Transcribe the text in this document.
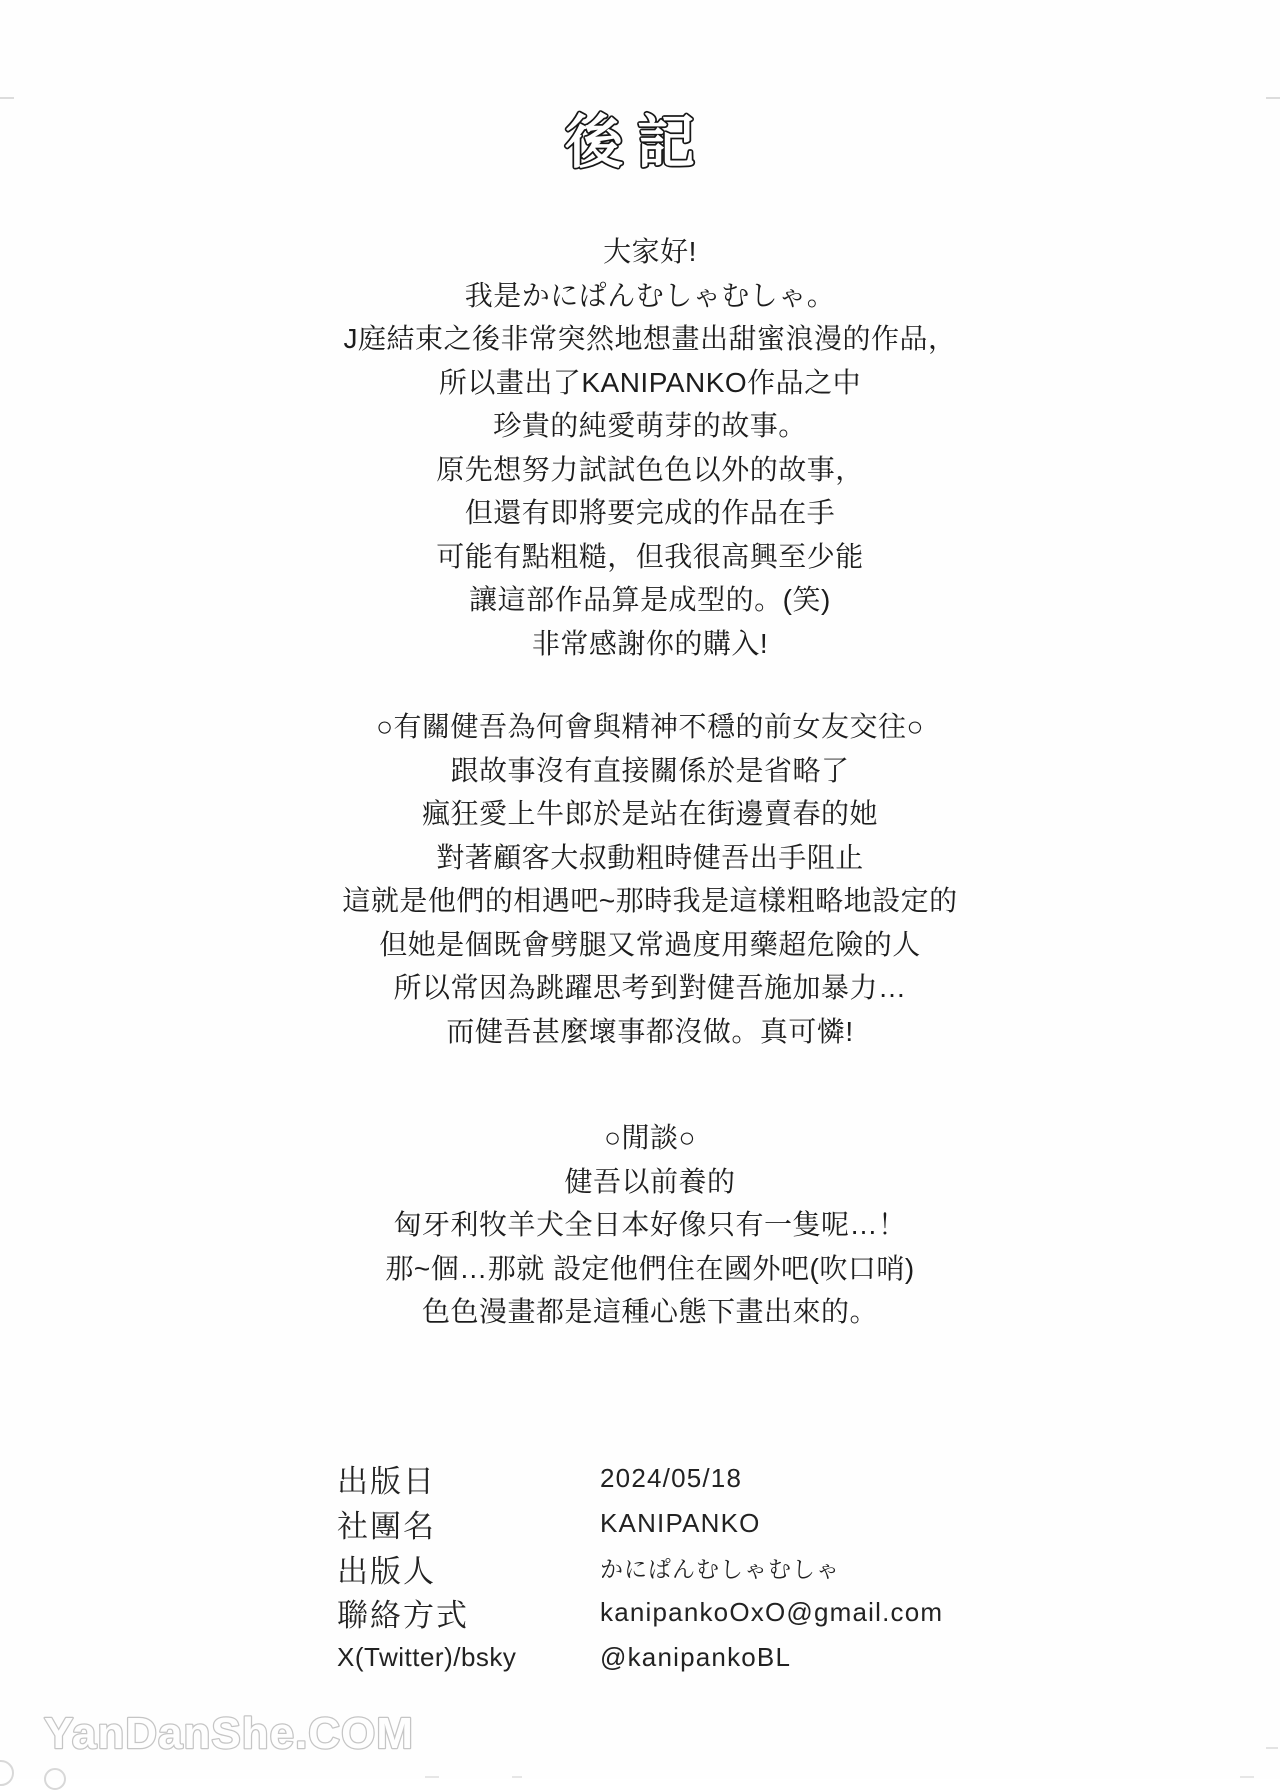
後記
大家好!
我是かにぱんむしゃむしゃ。
J庭結束之後非常突然地想畫出甜蜜浪漫的作品，
所以畫出了KANIPANKO作品之中
珍貴的純愛萌芽的故事。
原先想努力試試色色以外的故事，
但還有即將要完成的作品在手
可能有點粗糙，但我很高興至少能
讓這部作品算是成型的。(笑)
非常感謝你的購入!
○有關健吾為何會與精神不穩的前女友交往○
跟故事沒有直接關係於是省略了
瘋狂愛上牛郎於是站在街邊賣春的她
對著顧客大叔動粗時健吾出手阻止
這就是他們的相遇吧~那時我是這樣粗略地設定的
但她是個既會劈腿又常過度用藥超危險的人
所以常因為跳躍思考到對健吾施加暴力…
而健吾甚麼壞事都沒做。真可憐!
○閒談○
健吾以前養的
匈牙利牧羊犬全日本好像只有一隻呢…！
那~個…那就 設定他們住在國外吧(吹口哨)
色色漫畫都是這種心態下畫出來的。
出版日	2024/05/18
社團名	KANIPANKO
出版人	かにぱんむしゃむしゃ
聯絡方式	kanipankoOxO@gmail.com
X(Twitter)/bsky	@kanipankoBL
YanDanShe.COM
